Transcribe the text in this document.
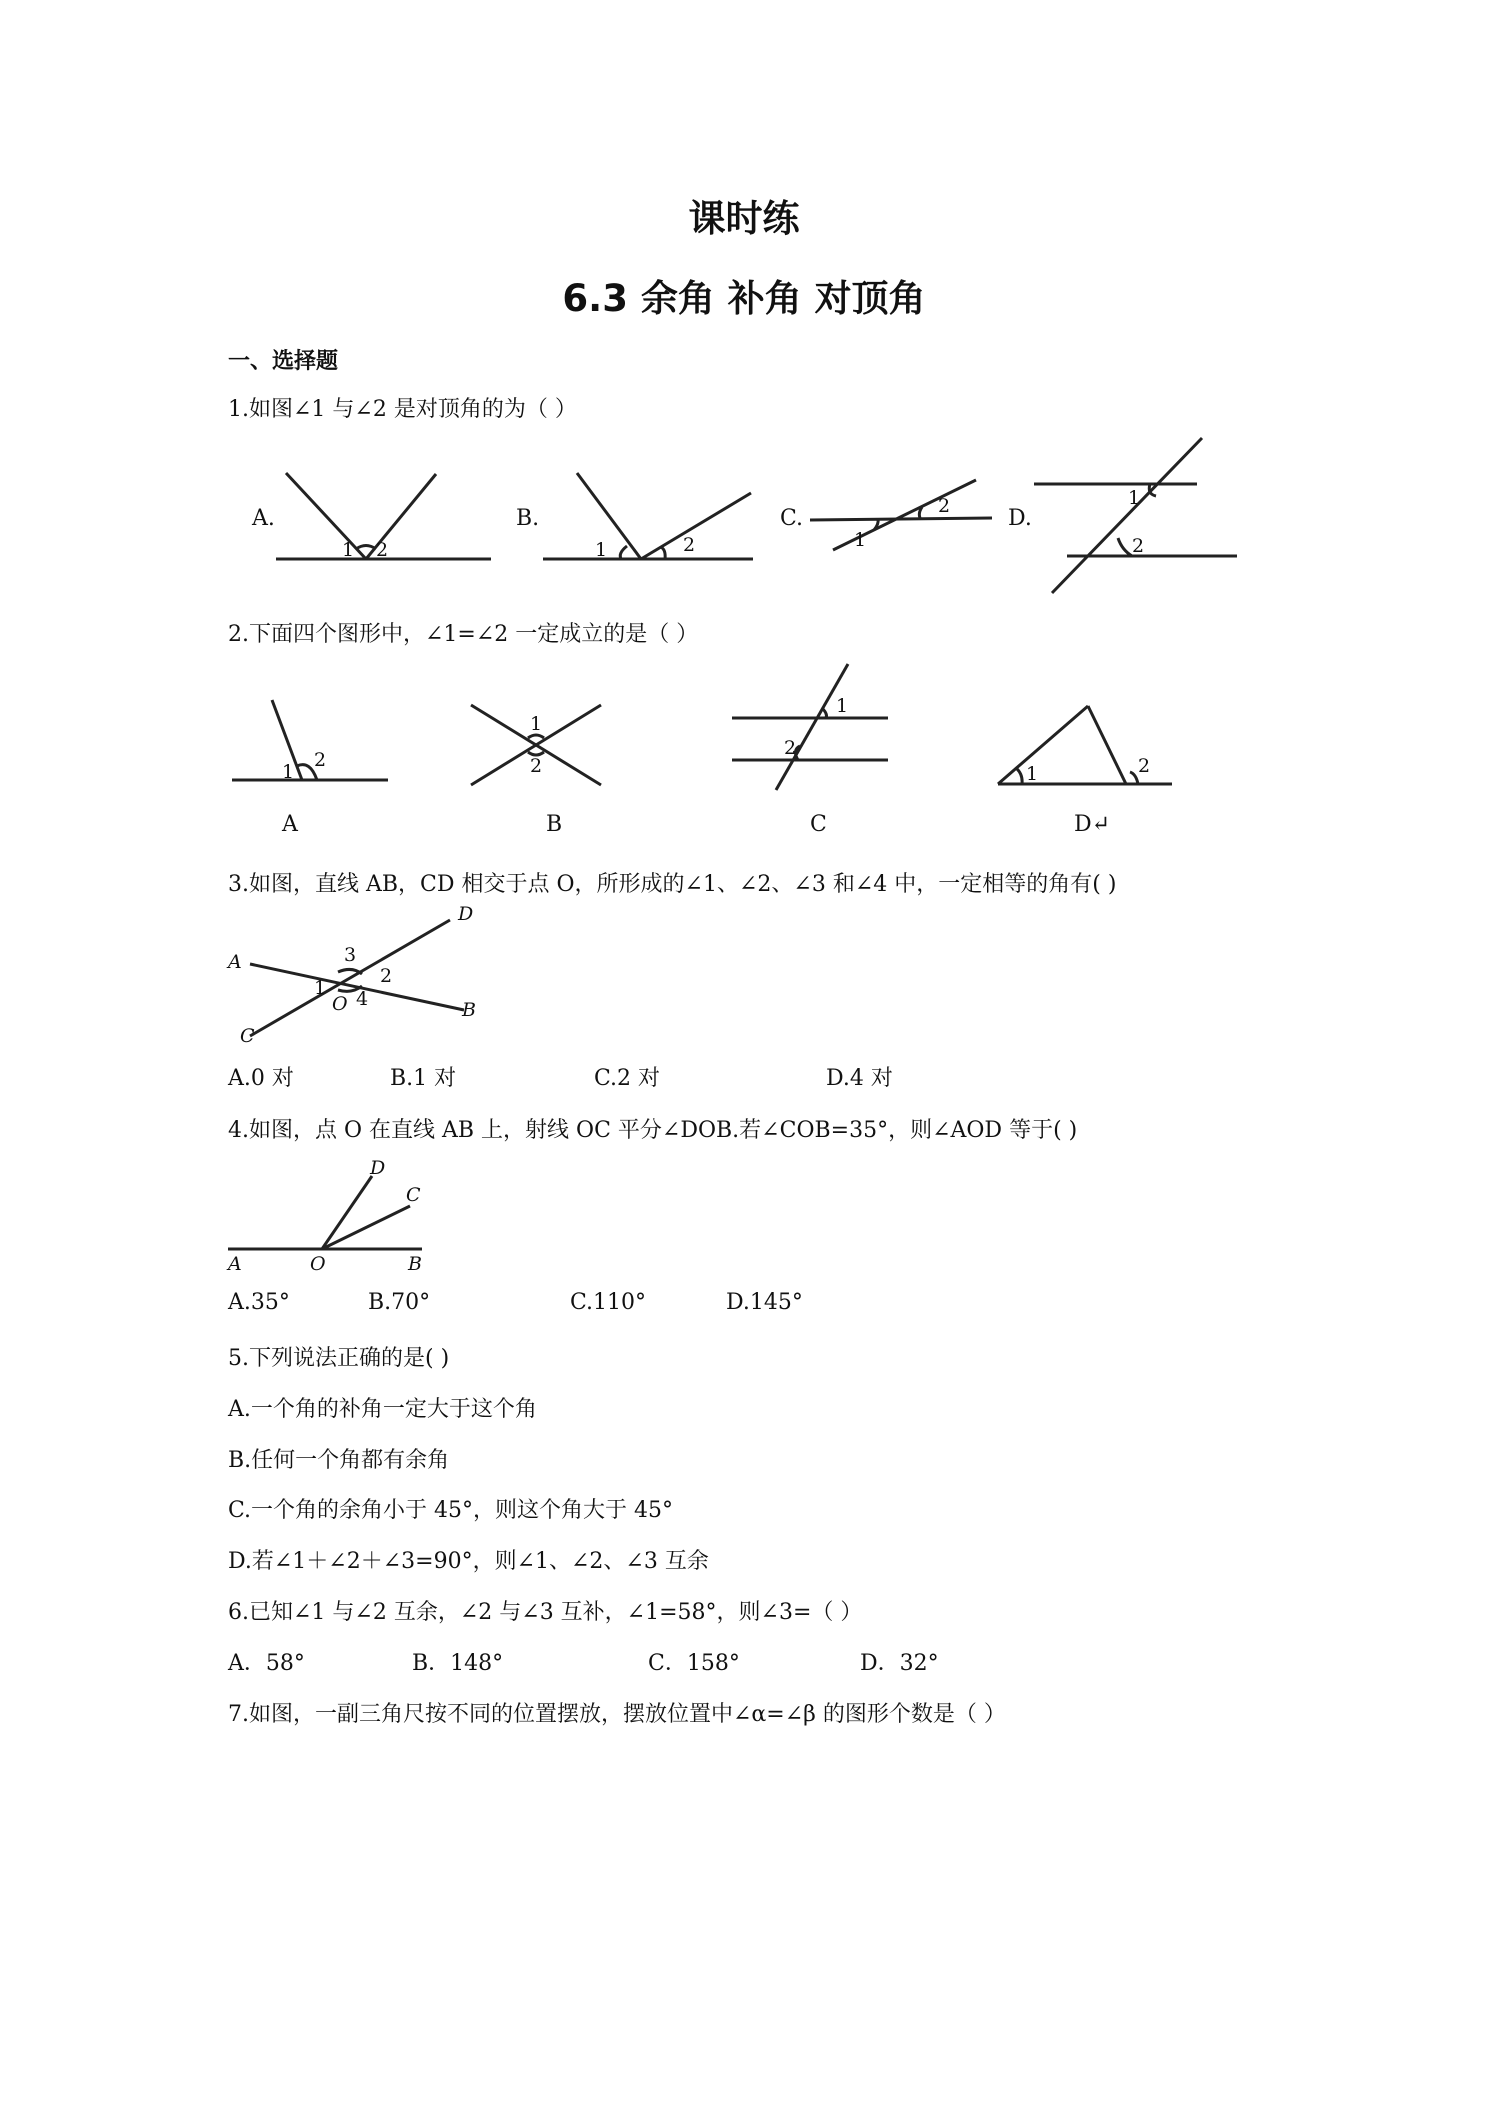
课时练
6.3 余角 补角 对顶角
一、选择题
1.如图∠1 与∠2 是对顶角的为（ ）
A.	B.	C.	D.
1 2	1	2	1
2	1
2
2.下面四个图形中，∠1=∠2 一定成立的是（ ）
1
2
1
2
1
2
1	2
A	B	C	D↵
3.如图，直线 AB，CD 相交于点 O，所形成的∠1、∠2、∠3 和∠4 中，一定相等的角有( )
3
2
1 4
O
A
D
B
C
A.0 对	B.1 对	C.2 对	D.4 对
4.如图，点 O 在直线 AB 上，射线 OC 平分∠DOB.若∠COB=35°，则∠AOD 等于( )
D
C
A	O	B
A.35°	B.70°	C.110°	D.145°
5.下列说法正确的是( )
A.一个角的补角一定大于这个角
B.任何一个角都有余角
C.一个角的余角小于 45°，则这个角大于 45°
D.若∠1＋∠2＋∠3=90°，则∠1、∠2、∠3 互余
6.已知∠1 与∠2 互余，∠2 与∠3 互补，∠1=58°，则∠3=（ ）
A．58°	B．148°	C．158°	D．32°
7.如图，一副三角尺按不同的位置摆放，摆放位置中∠α=∠β 的图形个数是（ ）
